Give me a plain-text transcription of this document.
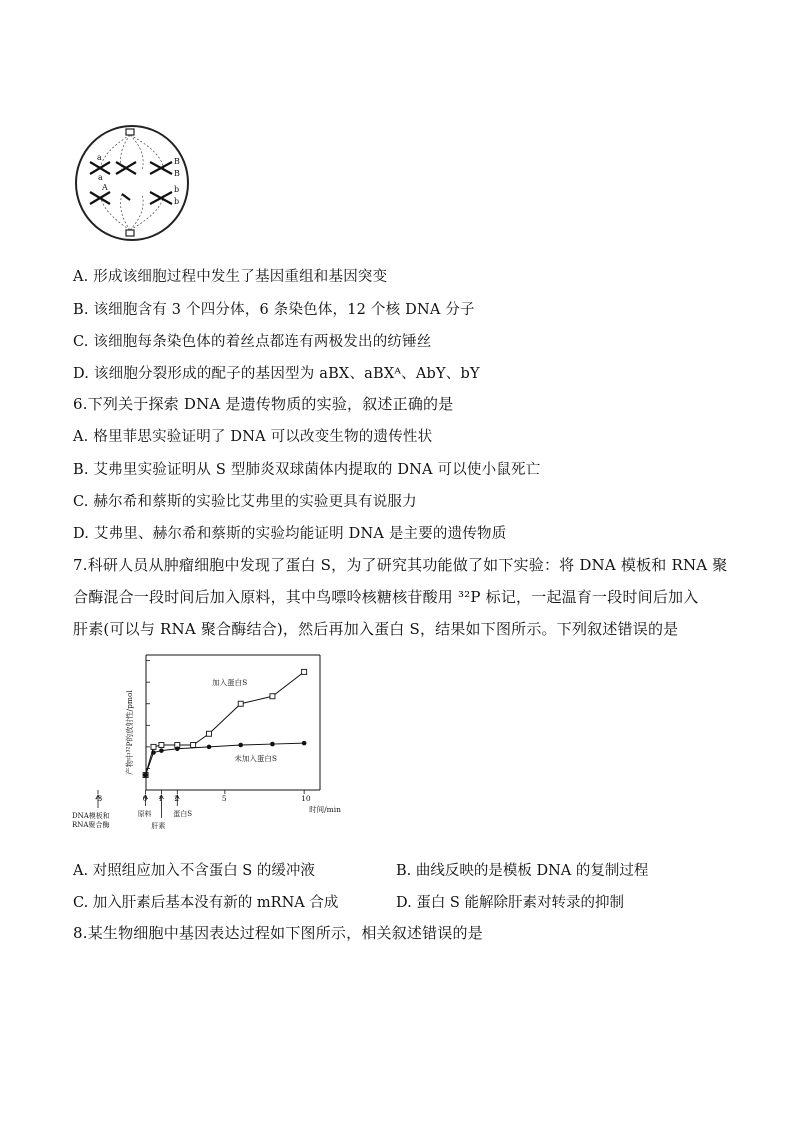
a
a
A
B
B
b
b
A. 形成该细胞过程中发生了基因重组和基因突变
B. 该细胞含有 3 个四分体，6 条染色体，12 个核 DNA 分子
C. 该细胞每条染色体的着丝点都连有两极发出的纺锤丝
D. 该细胞分裂形成的配子的基因型为 aBX、aBXᴬ、AbY、bY
6.下列关于探索 DNA 是遗传物质的实验，叙述正确的是
A. 格里菲思实验证明了 DNA 可以改变生物的遗传性状
B. 艾弗里实验证明从 S 型肺炎双球菌体内提取的 DNA 可以使小鼠死亡
C. 赫尔希和蔡斯的实验比艾弗里的实验更具有说服力
D. 艾弗里、赫尔希和蔡斯的实验均能证明 DNA 是主要的遗传物质
7.科研人员从肿瘤细胞中发现了蛋白 S，为了研究其功能做了如下实验：将 DNA 模板和 RNA 聚
合酶混合一段时间后加入原料，其中鸟嘌呤核糖核苷酸用 ³²P 标记，一起温育一段时间后加入
肝素(可以与 RNA 聚合酶结合)，然后再加入蛋白 S，结果如下图所示。下列叙述错误的是
产物中³²P的放射性/pmol
加入蛋白S
未加入蛋白S
-3	0 1 2	5	10
时间/min
DNA模板和 RNA聚合酶
原料
肝素
蛋白S
A. 对照组应加入不含蛋白 S 的缓冲液	B. 曲线反映的是模板 DNA 的复制过程
C. 加入肝素后基本没有新的 mRNA 合成	D. 蛋白 S 能解除肝素对转录的抑制
8.某生物细胞中基因表达过程如下图所示，相关叙述错误的是
